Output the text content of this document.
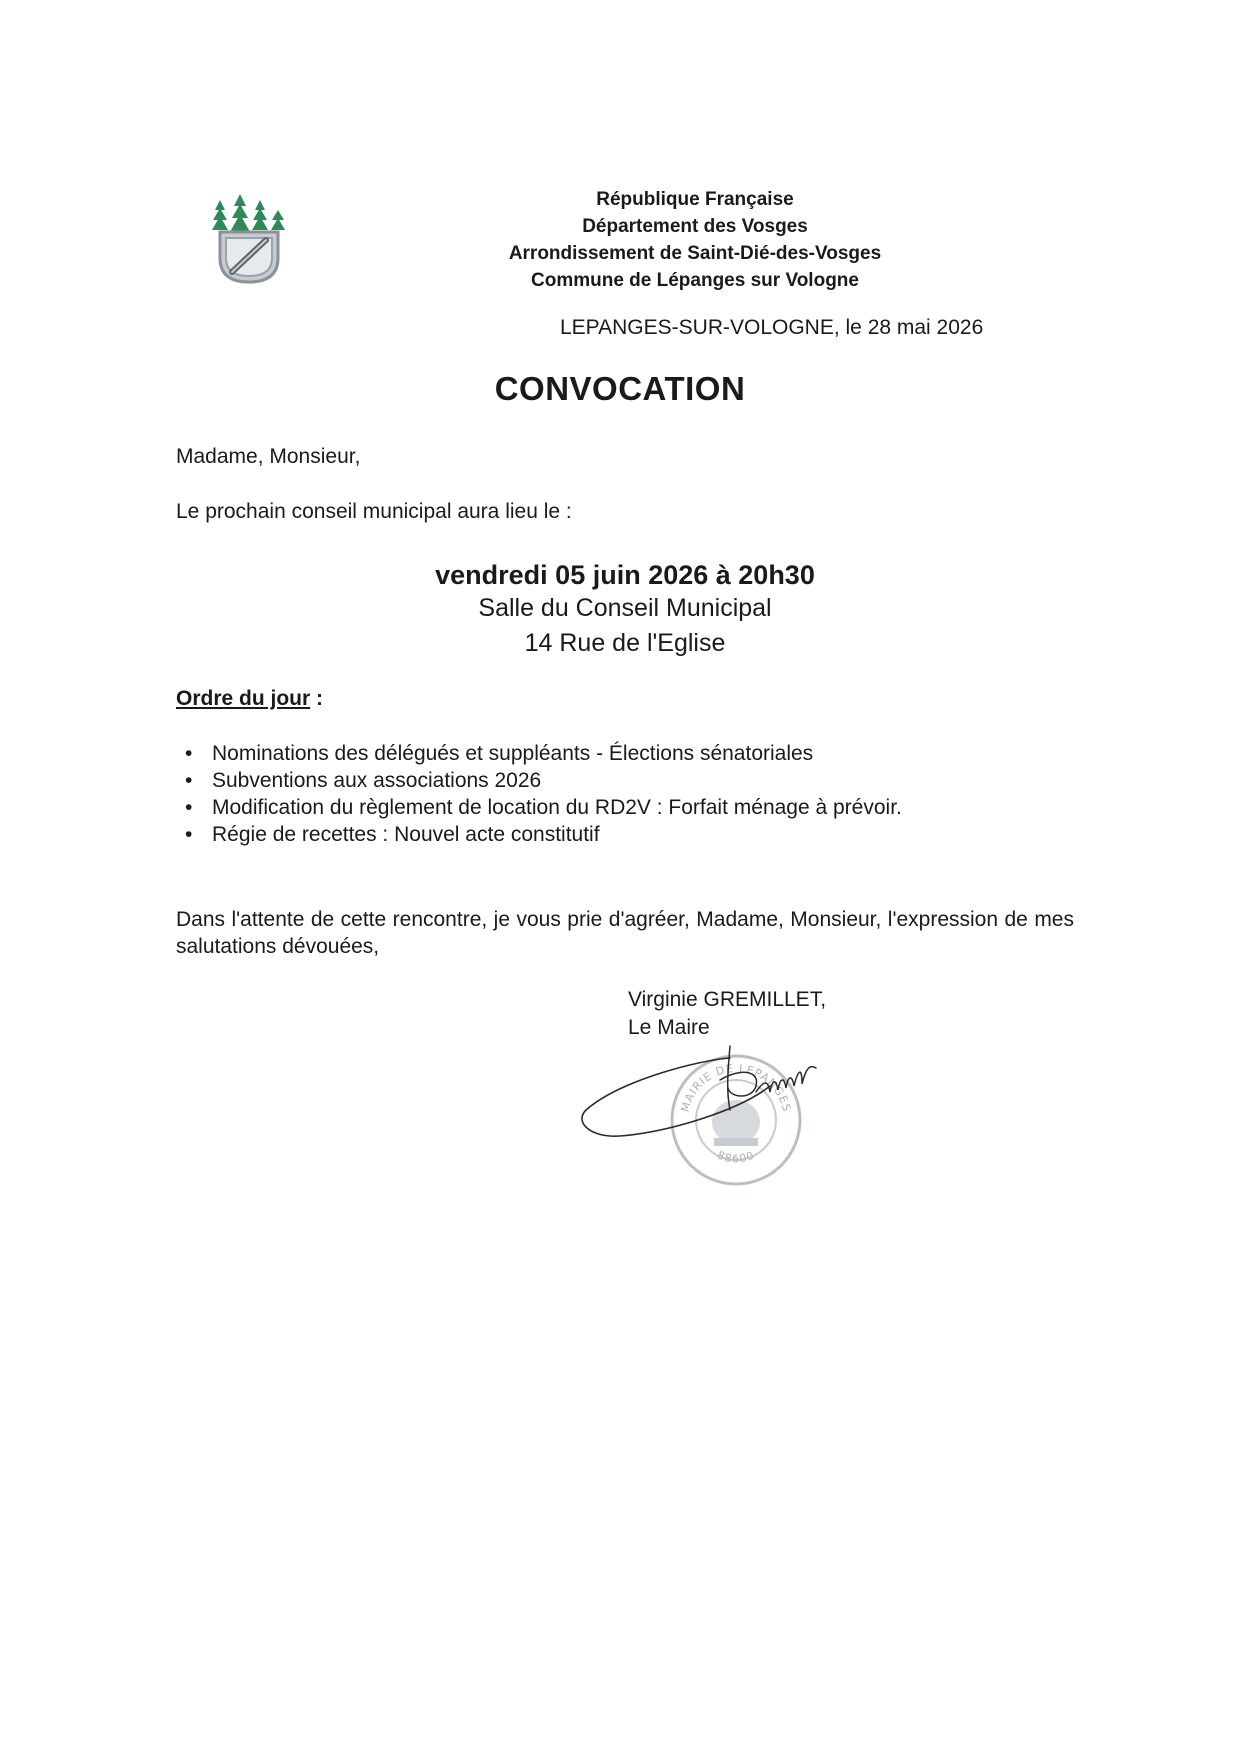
République Française
Département des Vosges
Arrondissement de Saint-Dié-des-Vosges
Commune de Lépanges sur Vologne
LEPANGES-SUR-VOLOGNE, le 28 mai 2026
CONVOCATION
Madame, Monsieur,
Le prochain conseil municipal aura lieu le :
vendredi 05 juin 2026 à 20h30
Salle du Conseil Municipal
14 Rue de l'Eglise
Ordre du jour :
• Nominations des délégués et suppléants - Élections sénatoriales
• Subventions aux associations 2026
• Modification du règlement de location du RD2V : Forfait ménage à prévoir.
• Régie de recettes : Nouvel acte constitutif
Dans l'attente de cette rencontre, je vous prie d'agréer, Madame, Monsieur, l'expression de mes salutations dévouées,
Virginie GREMILLET,
Le Maire
MAIRIE DE LEPANGES
88600
